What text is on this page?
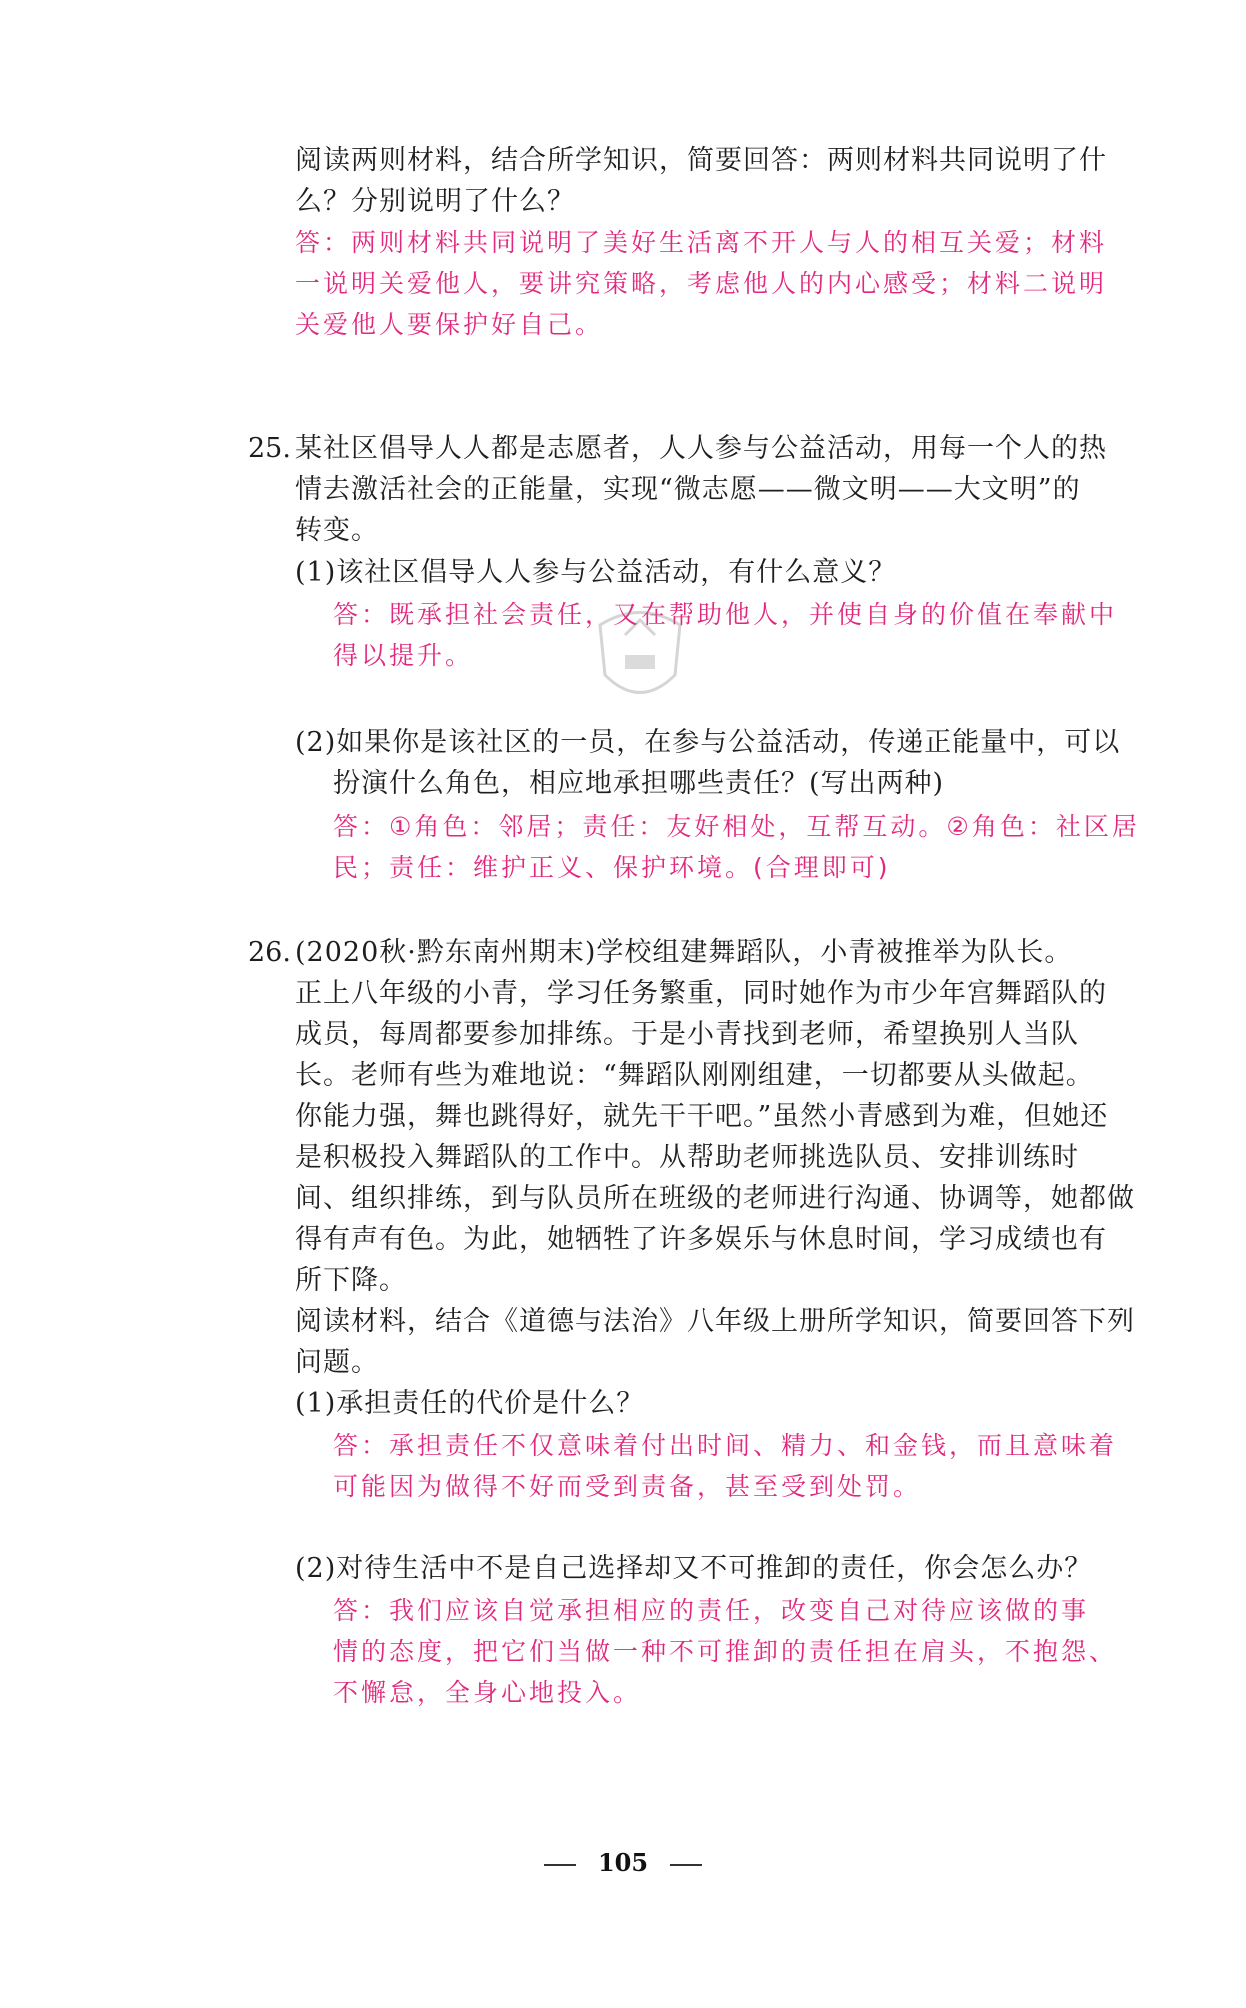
阅读两则材料，结合所学知识，简要回答：两则材料共同说明了什
么？分别说明了什么？
答：两则材料共同说明了美好生活离不开人与人的相互关爱；材料
一说明关爱他人，要讲究策略，考虑他人的内心感受；材料二说明
关爱他人要保护好自己。
25. 某社区倡导人人都是志愿者，人人参与公益活动，用每一个人的热
情去激活社会的正能量，实现“微志愿——微文明——大文明”的
转变。
(1)该社区倡导人人参与公益活动，有什么意义？
答：既承担社会责任，又在帮助他人，并使自身的价值在奉献中
得以提升。
(2)如果你是该社区的一员，在参与公益活动，传递正能量中，可以
扮演什么角色，相应地承担哪些责任？(写出两种)
答：①角色：邻居；责任：友好相处，互帮互动。②角色：社区居
民；责任：维护正义、保护环境。(合理即可)
26. (2020秋·黔东南州期末)学校组建舞蹈队，小青被推举为队长。
正上八年级的小青，学习任务繁重，同时她作为市少年宫舞蹈队的
成员，每周都要参加排练。于是小青找到老师，希望换别人当队
长。老师有些为难地说：“舞蹈队刚刚组建，一切都要从头做起。
你能力强，舞也跳得好，就先干干吧。”虽然小青感到为难，但她还
是积极投入舞蹈队的工作中。从帮助老师挑选队员、安排训练时
间、组织排练，到与队员所在班级的老师进行沟通、协调等，她都做
得有声有色。为此，她牺牲了许多娱乐与休息时间，学习成绩也有
所下降。
阅读材料，结合《道德与法治》八年级上册所学知识，简要回答下列
问题。
(1)承担责任的代价是什么？
答：承担责任不仅意味着付出时间、精力、和金钱，而且意味着
可能因为做得不好而受到责备，甚至受到处罚。
(2)对待生活中不是自己选择却又不可推卸的责任，你会怎么办？
答：我们应该自觉承担相应的责任，改变自己对待应该做的事
情的态度，把它们当做一种不可推卸的责任担在肩头，不抱怨、
不懈怠，全身心地投入。
105
